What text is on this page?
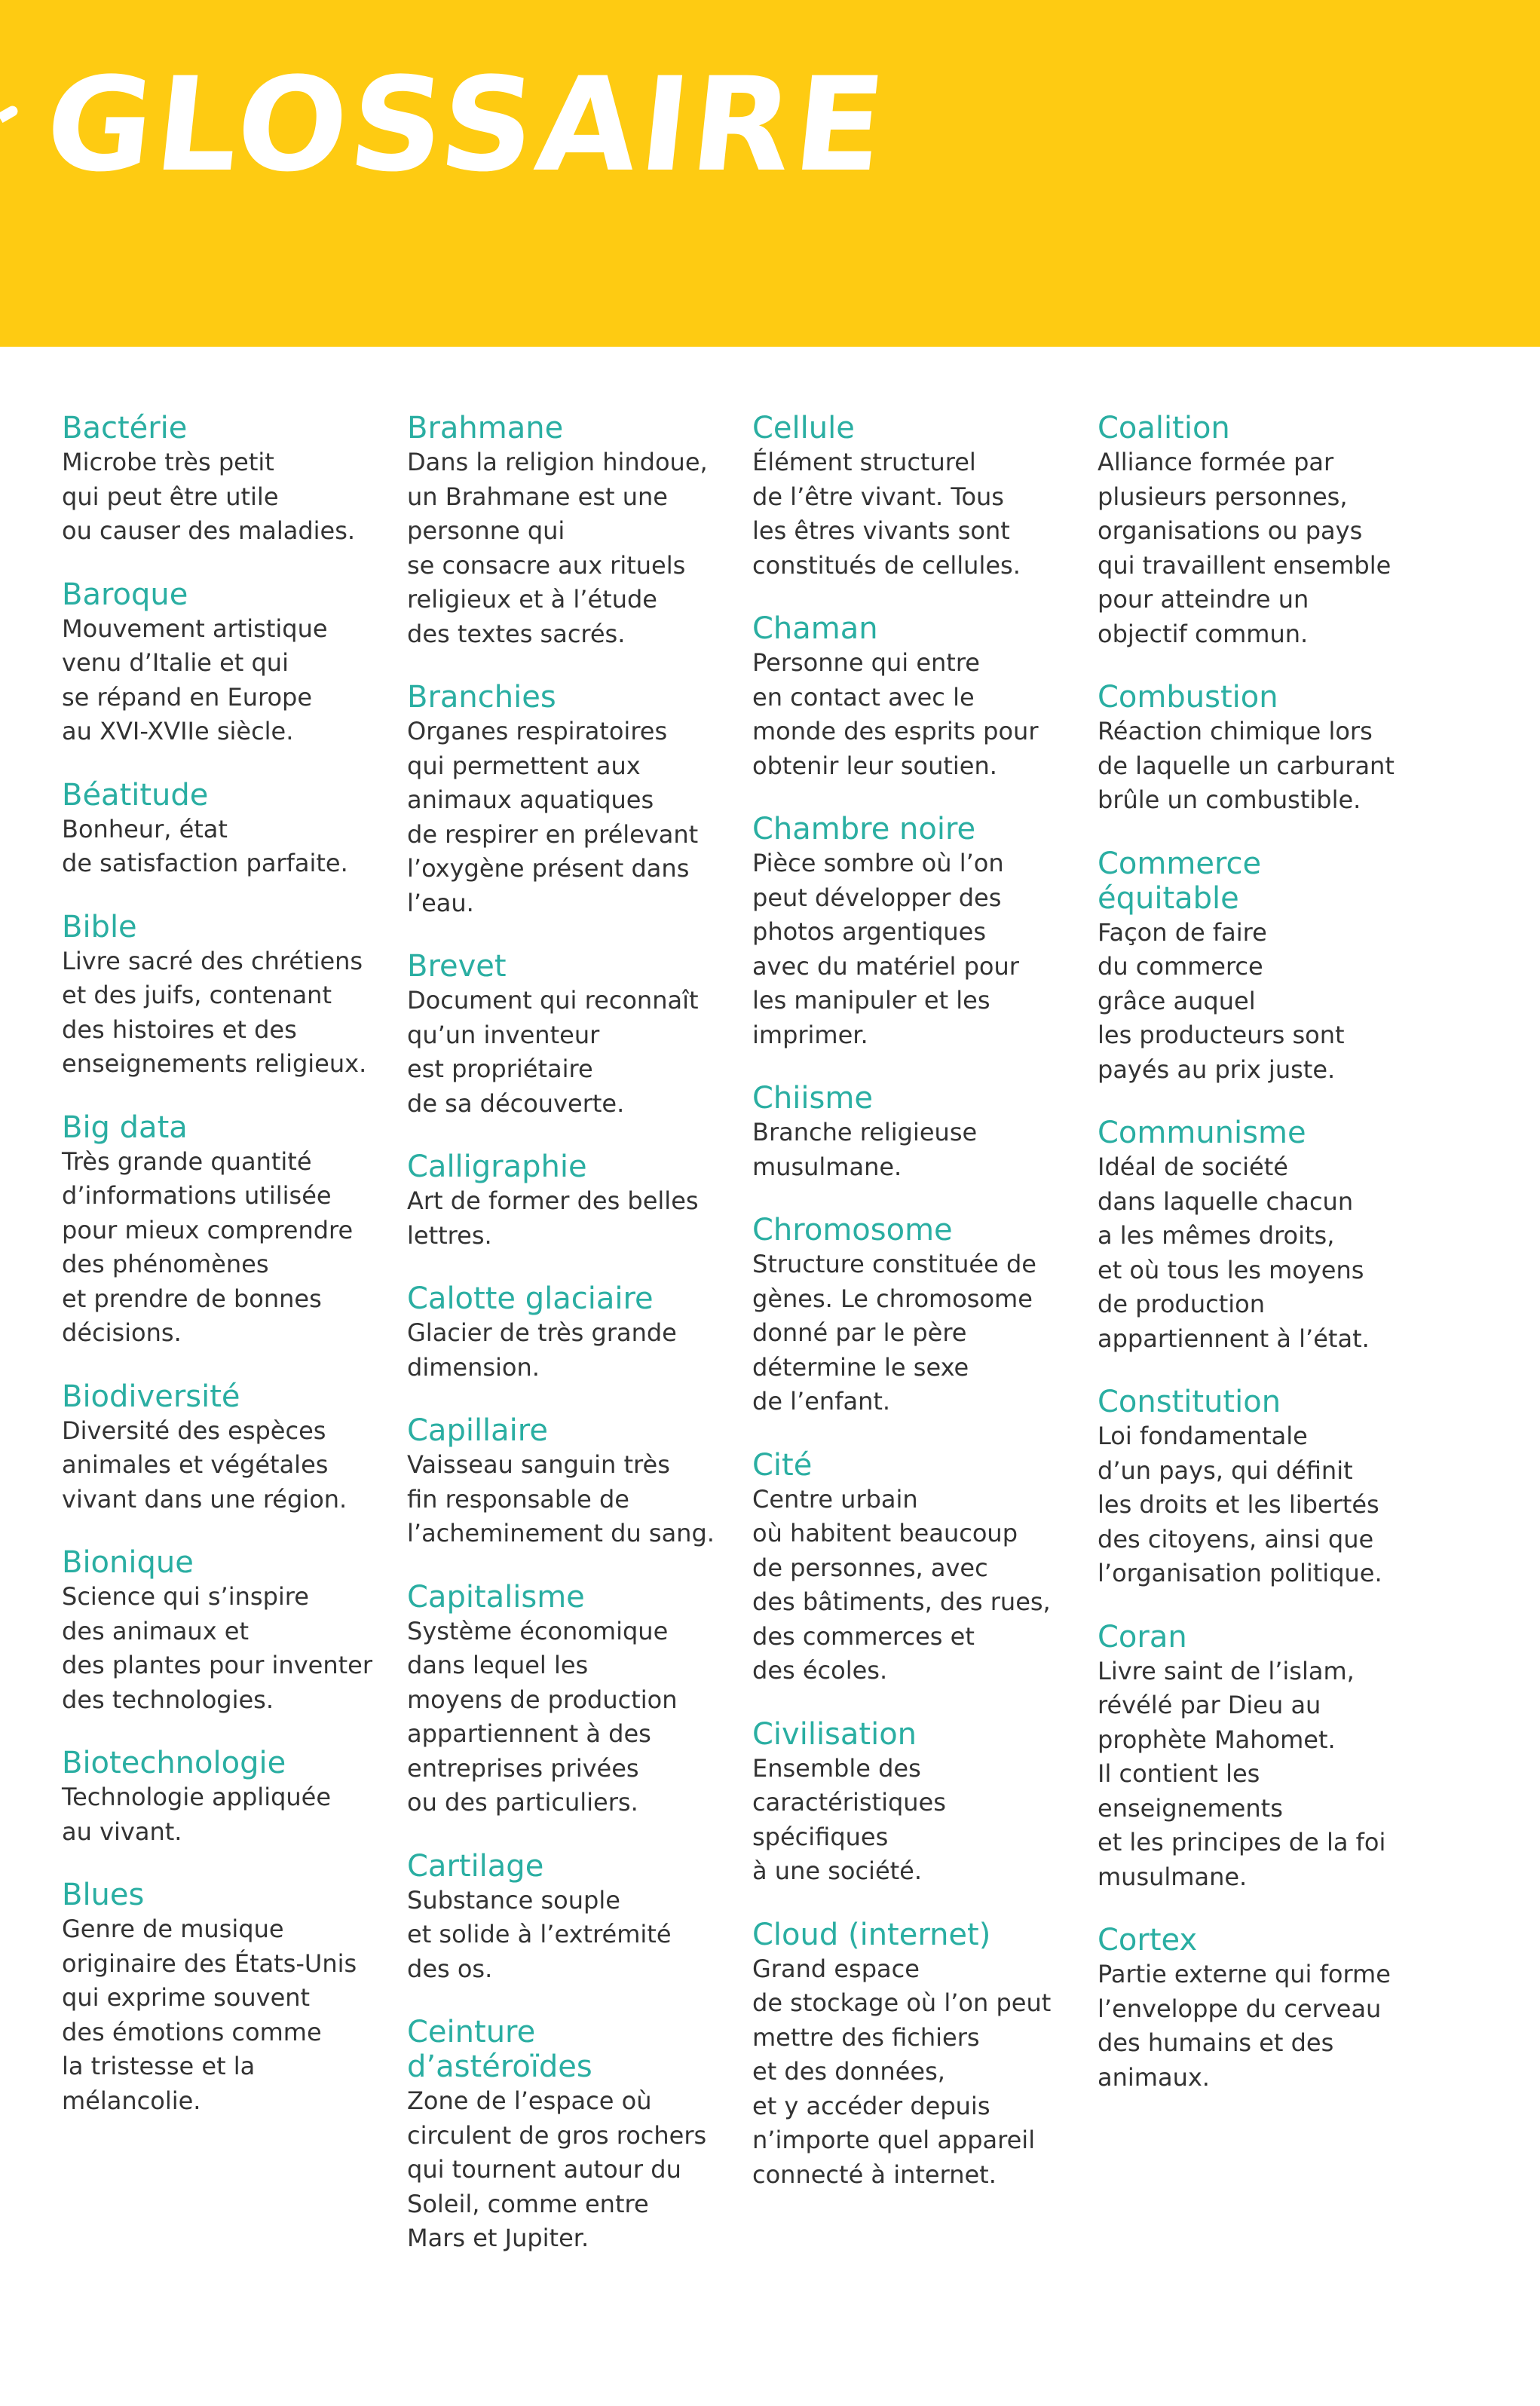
GLOSSAIRE
Bactérie

Microbe très petit
qui peut être utile
ou causer des maladies.

Baroque

Mouvement artistique
venu d’Italie et qui
se répand en Europe
au XVI-XVIIe siècle.

Béatitude

Bonheur, état
de satisfaction parfaite.

Bible

Livre sacré des chrétiens
et des juifs, contenant
des histoires et des
enseignements religieux.

Big data

Très grande quantité
d’informations utilisée
pour mieux comprendre
des phénomènes
et prendre de bonnes
décisions.

Biodiversité

Diversité des espèces
animales et végétales
vivant dans une région.

Bionique

Science qui s’inspire
des animaux et
des plantes pour inventer
des technologies.

Biotechnologie

Technologie appliquée
au vivant.

Blues

Genre de musique
originaire des États-Unis
qui exprime souvent
des émotions comme
la tristesse et la
mélancolie.

Brahmane

Dans la religion hindoue,
un Brahmane est une
personne qui
se consacre aux rituels
religieux et à l’étude
des textes sacrés.

Branchies

Organes respiratoires
qui permettent aux
animaux aquatiques
de respirer en prélevant
l’oxygène présent dans
l’eau.

Brevet

Document qui reconnaît
qu’un inventeur
est propriétaire
de sa découverte.

Calligraphie

Art de former des belles
lettres.

Calotte glaciaire

Glacier de très grande
dimension.

Capillaire

Vaisseau sanguin très
fin responsable de
l’acheminement du sang.

Capitalisme

Système économique
dans lequel les
moyens de production
appartiennent à des
entreprises privées
ou des particuliers.

Cartilage

Substance souple
et solide à l’extrémité
des os.

Ceinture
d’astéroïdes

Zone de l’espace où
circulent de gros rochers
qui tournent autour du
Soleil, comme entre
Mars et Jupiter.

Cellule

Élément structurel
de l’être vivant. Tous
les êtres vivants sont
constitués de cellules.

Chaman

Personne qui entre
en contact avec le
monde des esprits pour
obtenir leur soutien.

Chambre noire

Pièce sombre où l’on
peut développer des
photos argentiques
avec du matériel pour
les manipuler et les
imprimer.

Chiisme

Branche religieuse
musulmane.

Chromosome

Structure constituée de
gènes. Le chromosome
donné par le père
détermine le sexe
de l’enfant.

Cité

Centre urbain
où habitent beaucoup
de personnes, avec
des bâtiments, des rues,
des commerces et
des écoles.

Civilisation

Ensemble des
caractéristiques
spécifiques
à une société.

Cloud (internet)

Grand espace
de stockage où l’on peut
mettre des fichiers
et des données,
et y accéder depuis
n’importe quel appareil
connecté à internet.

Coalition

Alliance formée par
plusieurs personnes,
organisations ou pays
qui travaillent ensemble
pour atteindre un
objectif commun.

Combustion

Réaction chimique lors
de laquelle un carburant
brûle un combustible.

Commerce
équitable

Façon de faire
du commerce
grâce auquel
les producteurs sont
payés au prix juste.

Communisme

Idéal de société
dans laquelle chacun
a les mêmes droits,
et où tous les moyens
de production
appartiennent à l’état.

Constitution

Loi fondamentale
d’un pays, qui définit
les droits et les libertés
des citoyens, ainsi que
l’organisation politique.

Coran

Livre saint de l’islam,
révélé par Dieu au
prophète Mahomet.
Il contient les
enseignements
et les principes de la foi
musulmane.

Cortex

Partie externe qui forme
l’enveloppe du cerveau
des humains et des
animaux.
